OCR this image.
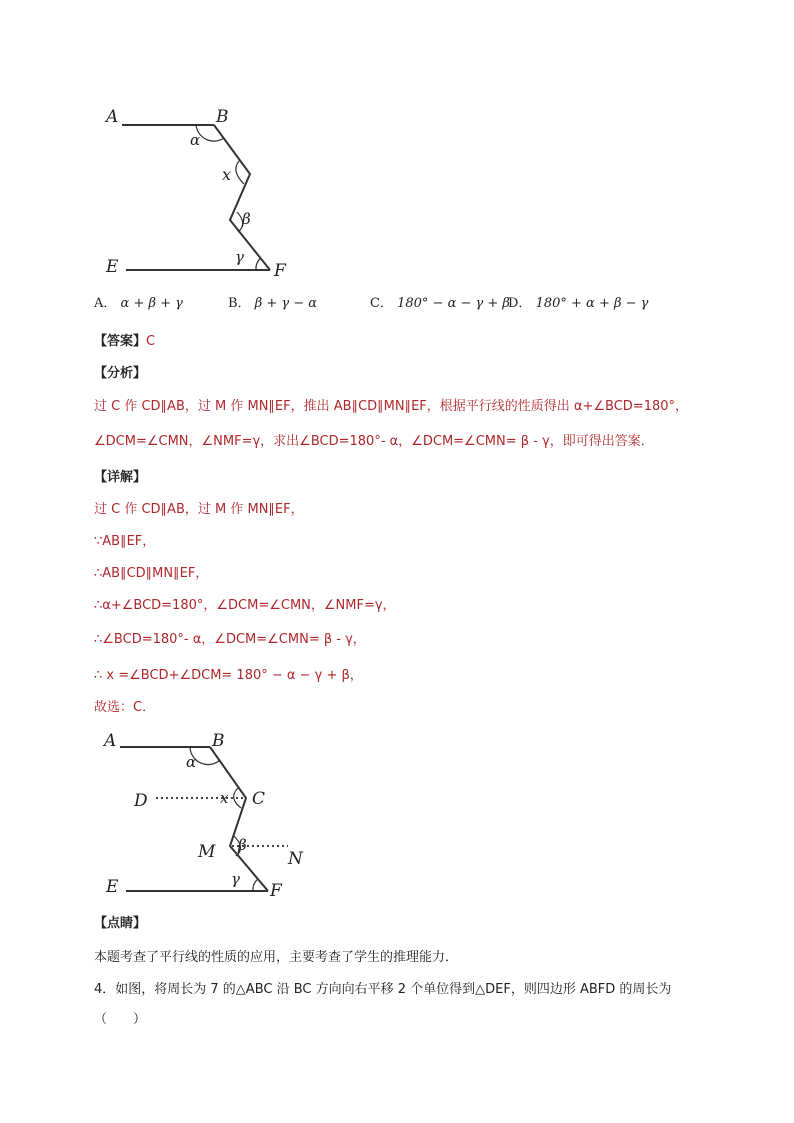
A	B
α
x
β
γ
E	F
A． α + β + γ	B． β + γ − α	C． 180° − α − γ + β
D． 180° + α + β − γ
【答案】C
【分析】
过 C 作 CD∥AB，过 M 作 MN∥EF，推出 AB∥CD∥MN∥EF，根据平行线的性质得出 α+∠BCD=180°，
∠DCM=∠CMN，∠NMF=γ，求出∠BCD=180°- α，∠DCM=∠CMN= β - γ，即可得出答案．
【详解】
过 C 作 CD∥AB，过 M 作 MN∥EF，
∵AB∥EF，
∴AB∥CD∥MN∥EF，
∴α+∠BCD=180°，∠DCM=∠CMN，∠NMF=γ，
∴∠BCD=180°- α，∠DCM=∠CMN= β - γ，
∴ x =∠BCD+∠DCM= 180° − α − γ + β，
故选：C．
A	B
α
D	x C
β
M	N
γ
E	F
【点睛】
本题考查了平行线的性质的应用，主要考查了学生的推理能力．
4．如图，将周长为 7 的△ABC 沿 BC 方向向右平移 2 个单位得到△DEF，则四边形 ABFD 的周长为
（　　）
